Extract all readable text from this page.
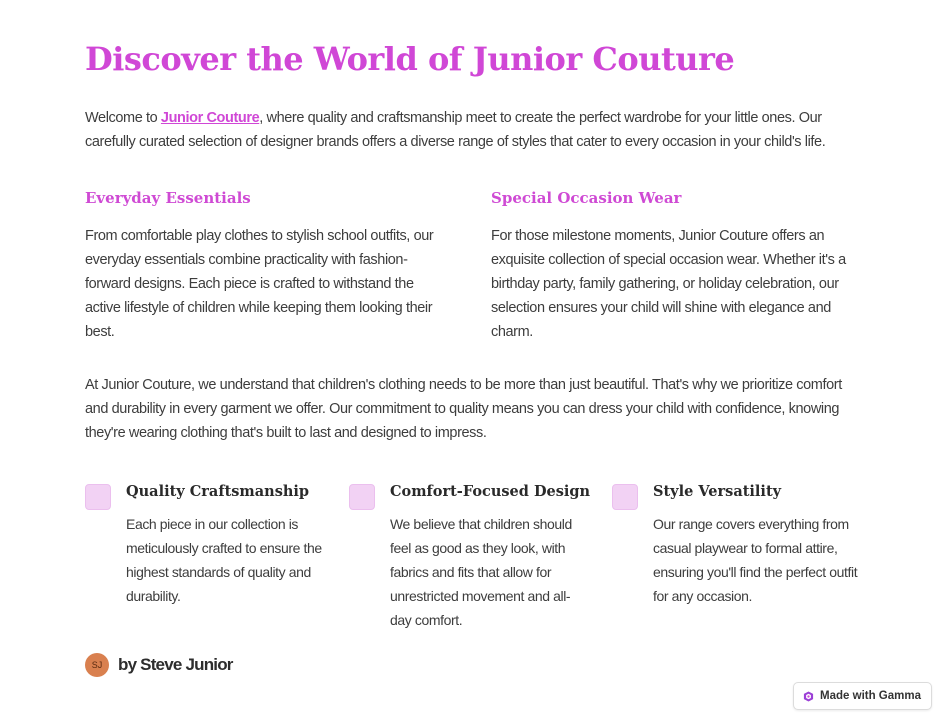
Discover the World of Junior Couture

Welcome to Junior Couture, where quality and craftsmanship meet to create the perfect wardrobe for your little ones. Our carefully curated selection of designer brands offers a diverse range of styles that cater to every occasion in your child's life.

Everyday Essentials

From comfortable play clothes to stylish school outfits, our everyday essentials combine practicality with fashion-forward designs. Each piece is crafted to withstand the active lifestyle of children while keeping them looking their best.

Special Occasion Wear

For those milestone moments, Junior Couture offers an exquisite collection of special occasion wear. Whether it's a birthday party, family gathering, or holiday celebration, our selection ensures your child will shine with elegance and charm.

At Junior Couture, we understand that children's clothing needs to be more than just beautiful. That's why we prioritize comfort and durability in every garment we offer. Our commitment to quality means you can dress your child with confidence, knowing they're wearing clothing that's built to last and designed to impress.

Quality Craftsmanship

Each piece in our collection is meticulously crafted to ensure the highest standards of quality and durability.

Comfort-Focused Design

We believe that children should feel as good as they look, with fabrics and fits that allow for unrestricted movement and all-day comfort.

Style Versatility

Our range covers everything from casual playwear to formal attire, ensuring you'll find the perfect outfit for any occasion.

SJ by Steve Junior
Made with Gamma
